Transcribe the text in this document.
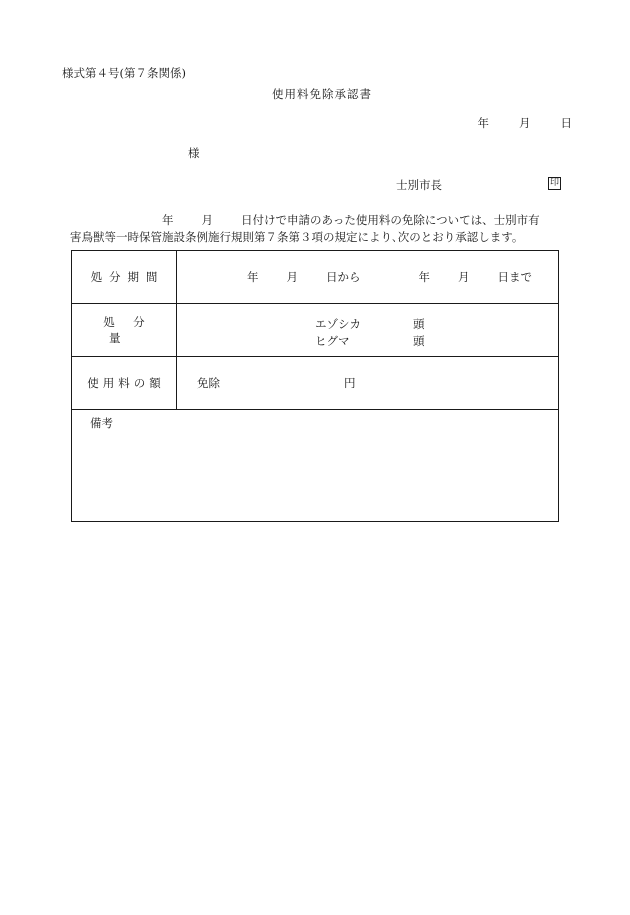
様式第４号(第７条関係)
使用料免除承認書
年	月	日
様
士別市長	印
年 月 日付けで申請のあった使用料の免除については、士別市有
害鳥獣等一時保管施設条例施行規則第７条第３項の規定により､次のとおり承認します。
処分期間	年 月 日から	年 月 日まで
処分量	
エゾシカ	頭
ヒグマ	頭

使用料の額	免除	円
備考
